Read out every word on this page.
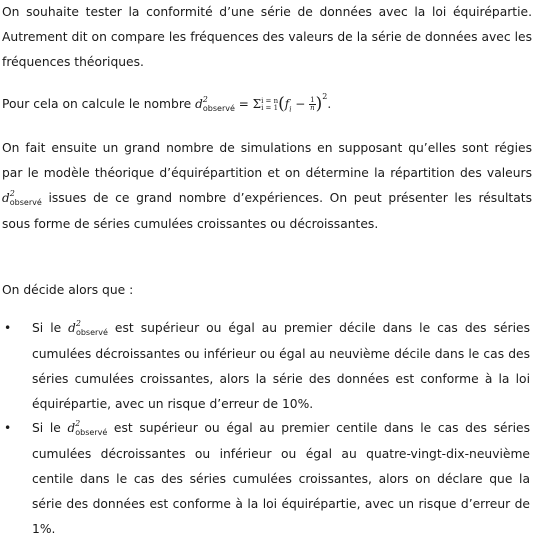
On souhaite tester la conformité d’une série de données avec la loi équirépartie. Autrement dit on compare les fréquences des valeurs de la série de données avec les fréquences théoriques.

Pour cela on calcule le nombre $d^2_{observé} = \Sigma$ i = n
i = 1 $(f_i - \frac{1}{n} )^2$.

On fait ensuite un grand nombre de simulations en supposant qu’elles sont régies par le modèle théorique d’équirépartition et on détermine la répartition des valeurs $d^2_{observé}$ issues de ce grand nombre d’expériences. On peut présenter les résultats sous forme de séries cumulées croissantes ou décroissantes.

On décide alors que :

•	Si le $d^2_{observé}$ est supérieur ou égal au premier décile dans le cas des séries cumulées décroissantes ou inférieur ou égal au neuvième décile dans le cas des séries cumulées croissantes, alors la série des données est conforme à la loi équirépartie, avec un risque d’erreur de 10%.
•	Si le $d^2_{observé}$ est supérieur ou égal au premier centile dans le cas des séries cumulées décroissantes ou inférieur ou égal au quatre-vingt-dix-neuvième centile dans le cas des séries cumulées croissantes, alors on déclare que la série des données est conforme à la loi équirépartie, avec un risque d’erreur de 1%.
